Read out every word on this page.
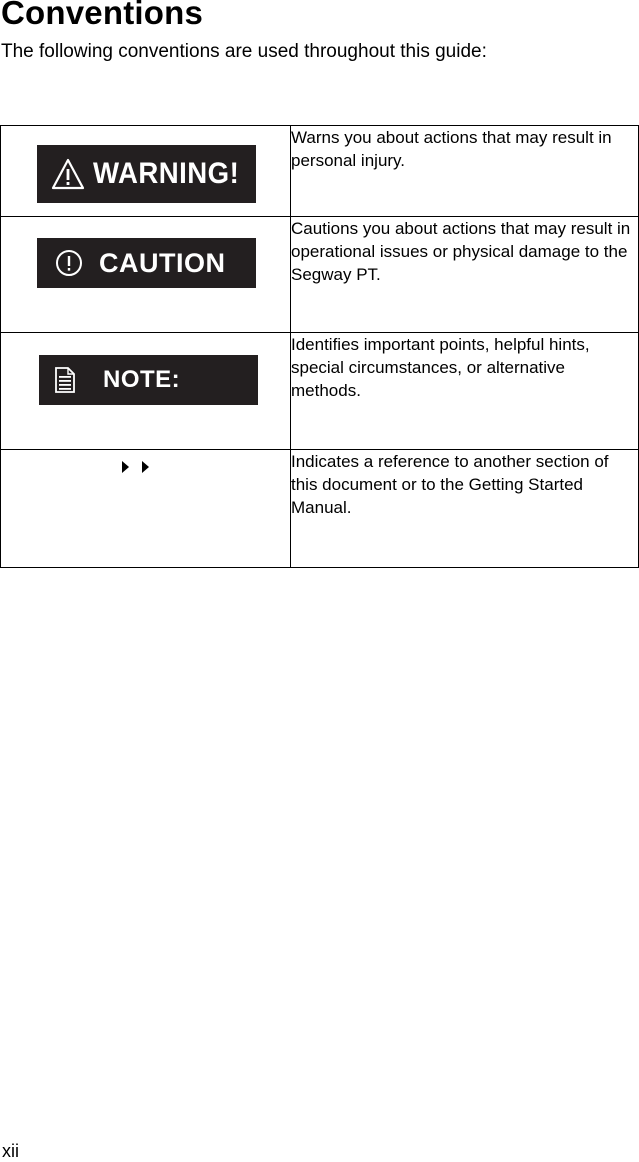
Conventions

The following conventions are used throughout this guide:

WARNING!	Warns you about actions that may result in personal injury.

CAUTION	Cautions you about actions that may result in operational issues or physical damage to the Segway PT.

NOTE:	Identifies important points, helpful hints, special circumstances, or alternative methods.

	Indicates a reference to another section of this document or to the Getting Started Manual.

xii
